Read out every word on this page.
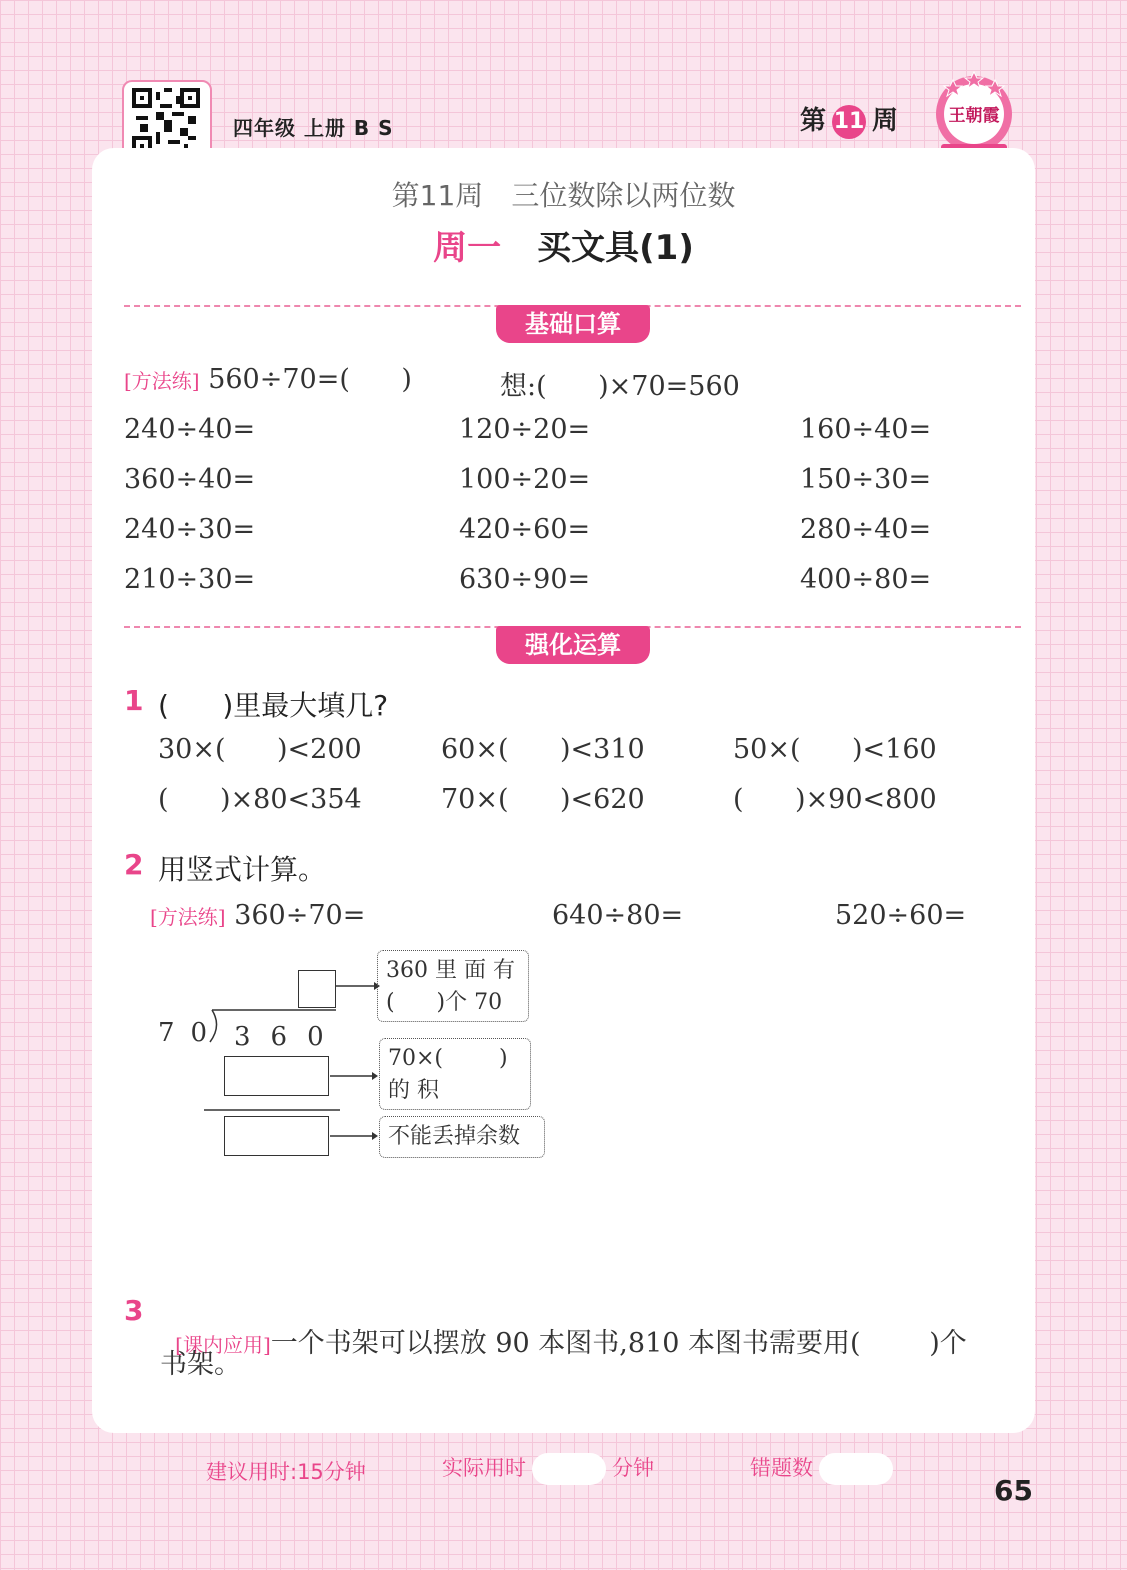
四年级 上册 B S	第 11 周	王朝霞
第11周 三位数除以两位数
周一 买文具(1)
基础口算
[方法练] 560÷70=(      )	想:(      )×70=560
240÷40=	120÷20=	160÷40=
360÷40=	100÷20=	150÷30=
240÷30=	420÷60=	280÷40=
210÷30=	630÷90=	400÷80=
强化运算
1 (      )里最大填几?
30×(      )<200	60×(      )<310	50×(      )<160
(      )×80<354	70×(      )<620	(      )×90<800
2 用竖式计算。
[方法练] 360÷70=	640÷80=	520÷60=
70 360
360 里 面 有
(      )个 70
70×(        )
的 积
不能丢掉余数
3

[课内应用]一个书架可以摆放 90 本图书,810 本图书需要用(        )个

书架。
建议用时:15分钟	实际用时	分钟	错题数
65
